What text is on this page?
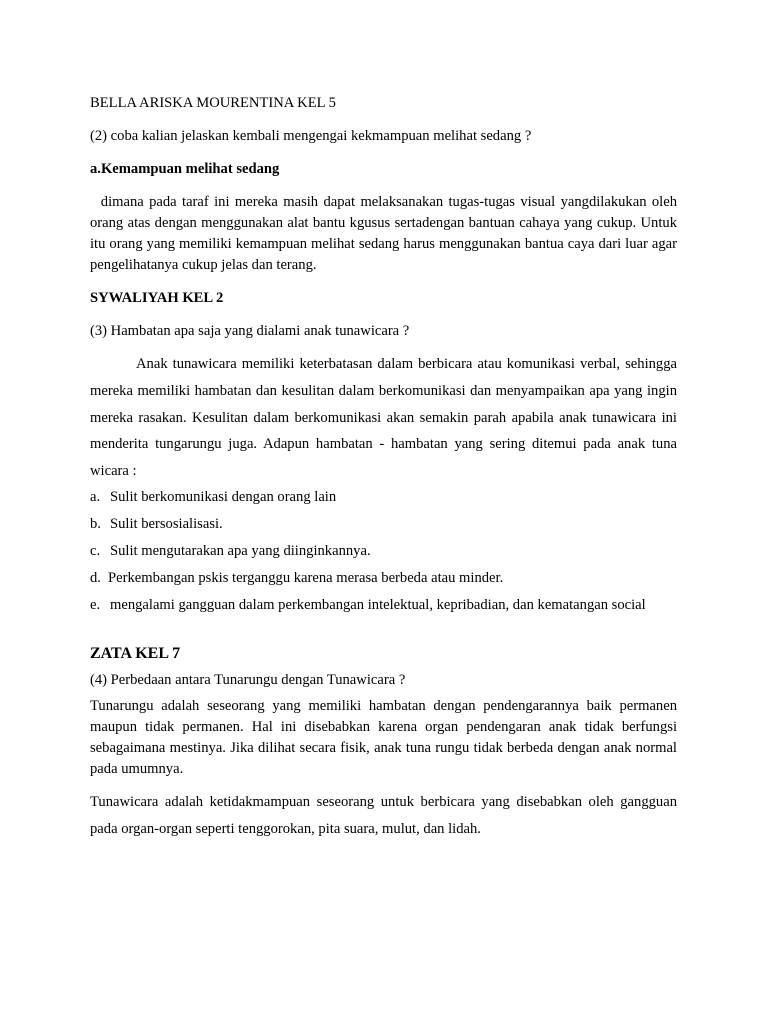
BELLA ARISKA MOURENTINA KEL 5

(2) coba kalian jelaskan kembali mengengai kekmampuan melihat sedang ?

a.Kemampuan melihat sedang

dimana pada taraf ini mereka masih dapat melaksanakan tugas-tugas visual yangdilakukan oleh orang atas dengan menggunakan alat bantu kgusus sertadengan bantuan cahaya yang cukup. Untuk itu orang yang memiliki kemampuan melihat sedang harus menggunakan bantua caya dari luar agar pengelihatanya cukup jelas dan terang.

SYWALIYAH KEL 2

(3) Hambatan apa saja yang dialami anak tunawicara ?

Anak tunawicara memiliki keterbatasan dalam berbicara atau komunikasi verbal, sehingga mereka memiliki hambatan dan kesulitan dalam berkomunikasi dan menyampaikan apa yang ingin mereka rasakan. Kesulitan dalam berkomunikasi akan semakin parah apabila anak tunawicara ini menderita tungarungu juga. Adapun hambatan - hambatan yang sering ditemui pada anak tuna wicara :

a. Sulit berkomunikasi dengan orang lain
b. Sulit bersosialisasi.
c. Sulit mengutarakan apa yang diinginkannya.
d. Perkembangan pskis terganggu karena merasa berbeda atau minder.
e. mengalami gangguan dalam perkembangan intelektual, kepribadian, dan kematangan social

ZATA KEL 7

(4) Perbedaan antara Tunarungu dengan Tunawicara ?

Tunarungu adalah seseorang yang memiliki hambatan dengan pendengarannya baik permanen maupun tidak permanen. Hal ini disebabkan karena organ pendengaran anak tidak berfungsi sebagaimana mestinya. Jika dilihat secara fisik, anak tuna rungu tidak berbeda dengan anak normal pada umumnya.

Tunawicara adalah ketidakmampuan seseorang untuk berbicara yang disebabkan oleh gangguan pada organ-organ seperti tenggorokan, pita suara, mulut, dan lidah.
